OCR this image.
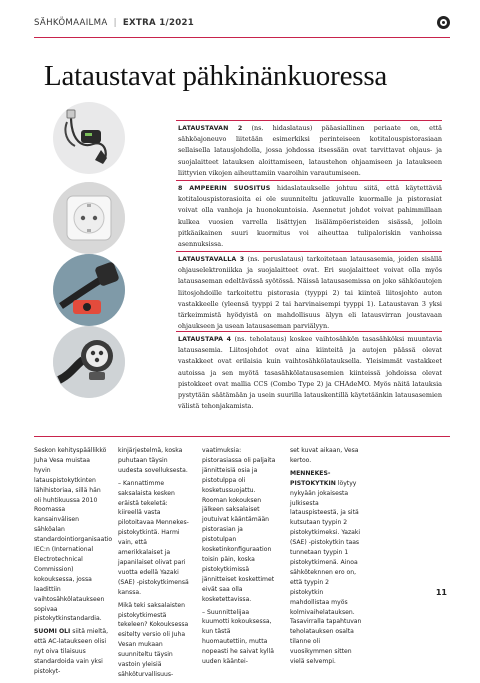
SÄHKÖMAAILMA | EXTRA 1/2021
Lataustavat pähkinänkuoressa
LATAUSTAVAN 2 (ns. hidaslataus) pääasiallinen periaate on, että sähköajoneuvo liitetään esimerkiksi perinteiseen kotitalouspistorasiaan sellaisella latausjohdolla, jossa johdossa itsessään ovat tarvittavat ohjaus- ja suojalaitteet latauksen aloittamiseen, lataustehon ohjaamiseen ja lataukseen liittyvien vikojen aiheuttamiin vaaroihin varautumiseen.
8 AMPEERIN SUOSITUS hidaslataukselle johtuu siitä, että käytettäviä kotitalouspistorasioita ei ole suunniteltu jatkuvalle kuormalle ja pistorasiat voivat olla vanhoja ja huonokuntoisia. Asennetut johdot voivat pahimmillaan kulkea vuosien varrella lisättyjen lisälämpöeristeiden sisässä, jolloin pitkäaikainen suuri kuormitus voi aiheuttaa tulipaloriskin vanhoissa asennuksissa.
LATAUSTAVALLA 3 (ns. peruslataus) tarkoitetaan latausasemia, joiden sisällä ohjauselektroniikka ja suojalaitteet ovat. Eri suojalaitteet voivat olla myös latausaseman edeltävässä syötössä. Näissä latausasemissa on joko sähköautojen liitosjohdoille tarkoitettu pistorasia (tyyppi 2) tai kiinteä liitosjohto auton vastakkeelle (yleensä tyyppi 2 tai harvinaisempi tyyppi 1). Lataustavan 3 yksi tärkeimmistä hyödyistä on mahdollisuus älyyn eli latausvirran joustavaan ohjaukseen ja usean latausaseman parviälyyn.
LATAUSTAPA 4 (ns. teholataus) koskee vaihtosähkön tasasähköksi muuntavia latausasemia. Liitosjohdot ovat aina kiinteitä ja autojen päässä olevat vastakkeet ovat erilaisia kuin vaihtosähkölatauksella. Yleisimmät vastakkeet autoissa ja sen myötä tasasähkölatausasemien kiinteissä johdoissa olevat pistokkeet ovat mallia CCS (Combo Type 2) ja CHAdeMO. Myös näitä latauksia pystytään säätämään ja usein suurilla latauskentillä käytetäänkin latausasemien välistä tehonjakamista.

Seskon kehityspäällikkö Juha Vesa muistaa hyvin latauspistokytkinten lähihistoriaa, sillä hän oli huhtikuussa 2010 Roomassa kansainvälisen sähköalan standardointiorganisaatio IEC:n (International Electrotechnical Commission) kokouksessa, jossa laadittiin vaihtosähkölataukseen sopivaa pistokytkinstandardia.

SUOMI OLI siitä mieltä, että AC-lataukseen olisi nyt oiva tilaisuus standardoida vain yksi pistokyt-

kinjärjestelmä, koska puhutaan täysin uudesta sovelluksesta.

– Kannattimme saksalaista kesken eräistä tekeletä: kiireellä vasta pilotoitavaa Mennekes-pistokytkintä. Harmi vain, että amerikkalaiset ja japanilaiset olivat pari vuotta edellä Yazaki (SAE) -pistokytkimensä kanssa.

Mikä teki saksalaisten pistokytkimestä tekeleen? Kokouksessa esitelty versio oli Juha Vesan mukaan suunniteltu täysin vastoin yleisiä sähköturvallisuus-

vaatimuksia: pistorasiassa oli paljaita jännitteisiä osia ja pistotulppa oli kosketussuojattu. Rooman kokouksen jälkeen saksalaiset joutuivat kääntämään pistorasian ja pistotulpan kosketinkonfiguraation toisin päin, koska pistokytkimissä jännitteiset koskettimet eivät saa olla kosketettavissa.

– Suunnittelijaa kuumotti kokouksessa, kun tästä huomautettiin, mutta nopeasti he saivat kyllä uuden kääntei-

set kuvat aikaan, Vesa kertoo.

MENNEKES-PISTOKYTKIN löytyy nykyään jokaisesta julkisesta latauspisteestä, ja sitä kutsutaan tyypin 2 pistokytkimeksi. Yazaki (SAE) -pistokytkin taas tunnetaan tyypin 1 pistokytkimenä. Ainoa sähköteknnen ero on, että tyypin 2 pistokytkin mahdollistaa myös kolmivaihelatauksen. Tasavirralla tapahtuvan teholatauksen osalta tilanne oli vuosikymmen sitten vielä selvempi.

11
